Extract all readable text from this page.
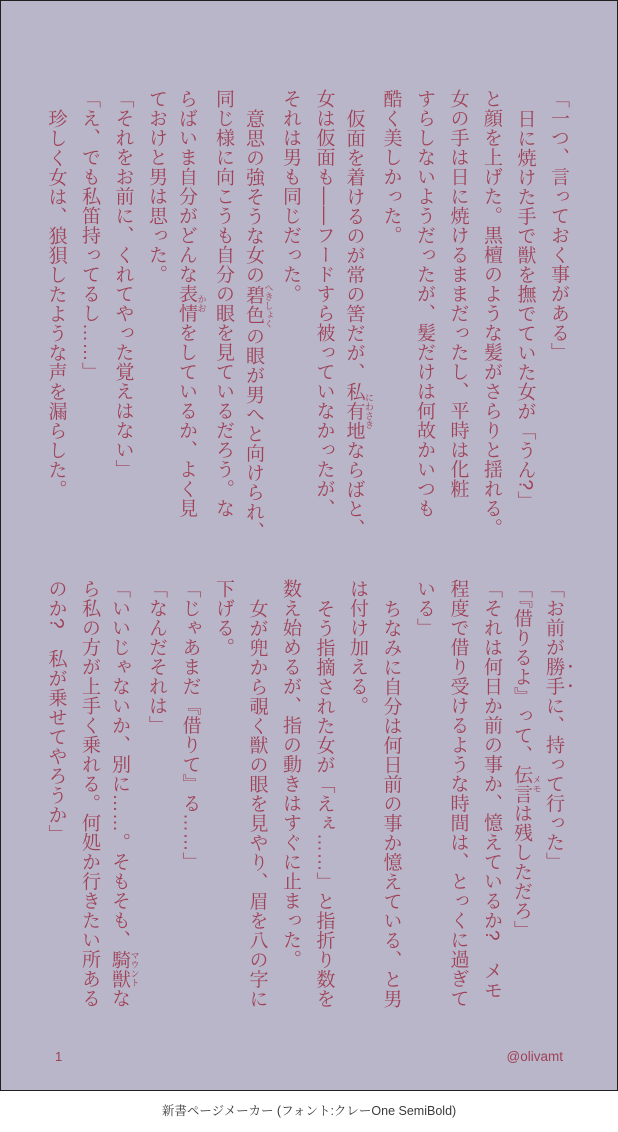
「一つ、言っておく事がある」
日に焼けた手で獣を撫でていた女が「うん?」
と顔を上げた。黒檀のような髪がさらりと揺れる。
女の手は日に焼けるままだったし、平時は化粧
すらしないようだったが、髪だけは何故かいつも
酷く美しかった。
仮面を着けるのが常の筈だが、私有地 にわさきならばと、
女は仮面も――フードすら被っていなかったが、
それは男も同じだった。
意思の強そうな女の碧色 へきしょくの眼が男へと向けられ、
同じ様に向こうも自分の眼を見ているだろう。な
らばいま自分がどんな表情 かおをしているか、よく見
ておけと男は思った。
「それをお前に、くれてやった覚えはない」
「え、でも私笛持ってるし……」
珍しく女は、狼狽したような声を漏らした。
「お前が勝手に、持って行った」
「『借りるよ』って、伝言 メモは残しただろ」
「それは何日か前の事か、憶えているか?　メモ
程度で借り受けるような時間は、とっくに過ぎて
いる」
ちなみに自分は何日前の事か憶えている、と男
は付け加える。
そう指摘された女が「えぇ……」と指折り数を
数え始めるが、指の動きはすぐに止まった。
女が兜から覗く獣の眼を見やり、眉を八の字に
下げる。
「じゃあまだ『借りて』る……」
「なんだそれは」
「いいじゃないか、別に……。そもそも、騎獣 マウントな
ら私の方が上手く乗れる。何処か行きたい所ある
のか?　私が乗せてやろうか」
1	@olivamt
新書ページメーカー (フォント:クレーOne SemiBold)
